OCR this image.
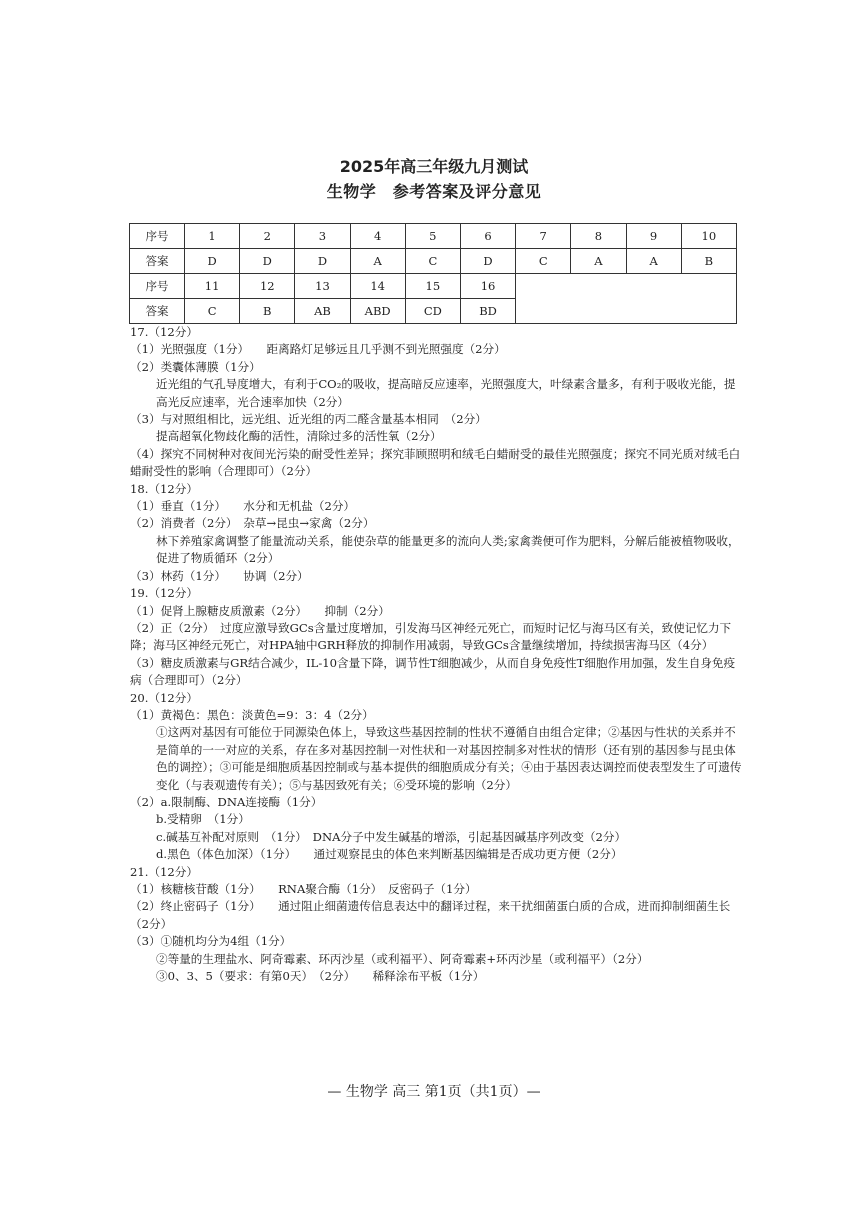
2025年高三年级九月测试
生物学　参考答案及评分意见
序号	1	2	3	4	5	6	7	8	9	10
答案	D	D	D	A	C	D	C	A	A	B
序号	11	12	13	14	15	16				
答案	C	B	AB	ABD	CD	BD				
17.（12分）
（1）光照强度（1分）　　距离路灯足够远且几乎测不到光照强度（2分）
（2）类囊体薄膜（1分）
近光组的气孔导度增大，有利于CO₂的吸收，提高暗反应速率，光照强度大，叶绿素含量多，有利于吸收光能，提高光反应速率，光合速率加快（2分）
（3）与对照组相比，远光组、近光组的丙二醛含量基本相同　（2分）
提高超氧化物歧化酶的活性，清除过多的活性氧（2分）
（4）探究不同树种对夜间光污染的耐受性差异；探究菲顾照明和绒毛白蜡耐受的最佳光照强度；探究不同光质对绒毛白蜡耐受性的影响（合理即可）（2分）
18.（12分）
（1）垂直（1分）　　水分和无机盐（2分）
（2）消费者（2分）　杂草→昆虫→家禽（2分）
林下养殖家禽调整了能量流动关系，能使杂草的能量更多的流向人类;家禽粪便可作为肥料，分解后能被植物吸收，促进了物质循环（2分）
（3）林药（1分）　　协调（2分）
19.（12分）
（1）促肾上腺糖皮质激素（2分）　　抑制（2分）
（2）正（2分）　过度应激导致GCs含量过度增加，引发海马区神经元死亡，而短时记忆与海马区有关，致使记忆力下降；海马区神经元死亡，对HPA轴中GRH释放的抑制作用减弱，导致GCs含量继续增加，持续损害海马区（4分）
（3）糖皮质激素与GR结合减少，IL-10含量下降，调节性T细胞减少，从而自身免疫性T细胞作用加强，发生自身免疫病（合理即可）（2分）
20.（12分）
（1）黄褐色：黑色：淡黄色=9：3：4（2分）
①这两对基因有可能位于同源染色体上，导致这些基因控制的性状不遵循自由组合定律；②基因与性状的关系并不是简单的一一对应的关系，存在多对基因控制一对性状和一对基因控制多对性状的情形（还有别的基因参与昆虫体色的调控）；③可能是细胞质基因控制或与基本提供的细胞质成分有关；④由于基因表达调控而使表型发生了可遗传变化（与表观遗传有关）；⑤与基因致死有关；⑥受环境的影响（2分）
（2）a.限制酶、DNA连接酶（1分）
b.受精卵　（1分）
c.碱基互补配对原则　（1分）　DNA分子中发生碱基的增添，引起基因碱基序列改变（2分）
d.黑色（体色加深）（1分）　　通过观察昆虫的体色来判断基因编辑是否成功更方便（2分）
21.（12分）
（1）核糖核苷酸（1分）　　RNA聚合酶（1分）　反密码子（1分）
（2）终止密码子（1分）　　通过阻止细菌遗传信息表达中的翻译过程，来干扰细菌蛋白质的合成，进而抑制细菌生长（2分）
（3）①随机均分为4组（1分）
②等量的生理盐水、阿奇霉素、环丙沙星（或利福平）、阿奇霉素+环丙沙星（或利福平）（2分）
③0、3、5（要求：有第0天）　（2分）　　稀释涂布平板（1分）
— 生物学 高三 第1页（共1页）—
